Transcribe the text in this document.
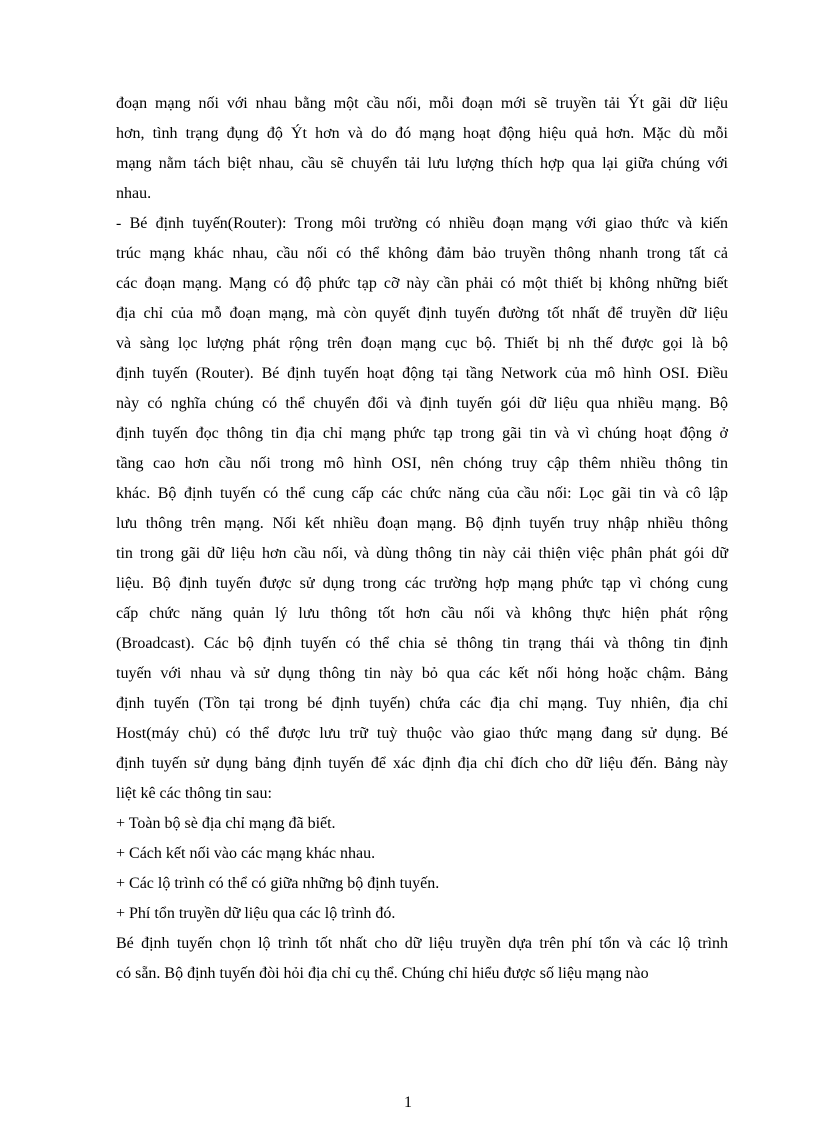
đoạn mạng nối với nhau bằng một cầu nối, mỗi đoạn mới sẽ truyền tải Ýt gãi dữ liệu
hơn, tình trạng đụng độ Ýt hơn và do đó mạng hoạt động hiệu quả hơn. Mặc dù mỗi
mạng nằm tách biệt nhau, cầu sẽ chuyển tải lưu lượng thích hợp qua lại giữa chúng với
nhau.
- Bé định tuyến(Router): Trong môi trường có nhiều đoạn mạng với giao thức và kiến
trúc mạng khác nhau, cầu nối có thể không đảm bảo truyền thông nhanh trong tất cả
các đoạn mạng. Mạng có độ phức tạp cỡ này cần phải có một thiết bị không những biết
địa chỉ của mỗ đoạn mạng, mà còn quyết định tuyến đường tốt nhất để truyền dữ liệu
và sàng lọc lượng phát rộng trên đoạn mạng cục bộ. Thiết bị nh thế được gọi là bộ
định tuyến (Router). Bé định tuyến hoạt động tại tầng Network của mô hình OSI. Điều
này có nghĩa chúng có thể chuyển đổi và định tuyến gói dữ liệu qua nhiều mạng. Bộ
định tuyến đọc thông tin địa chỉ mạng phức tạp trong gãi tin và vì chúng hoạt động ở
tầng cao hơn cầu nối trong mô hình OSI, nên chóng truy cập thêm nhiều thông tin
khác. Bộ định tuyến có thể cung cấp các chức năng của cầu nối: Lọc gãi tin và cô lập
lưu thông trên mạng. Nối kết nhiều đoạn mạng. Bộ định tuyến truy nhập nhiều thông
tin trong gãi dữ liệu hơn cầu nối, và dùng thông tin này cải thiện việc phân phát gói dữ
liệu. Bộ định tuyến được sử dụng trong các trường hợp mạng phức tạp vì chóng cung
cấp chức năng quản lý lưu thông tốt hơn cầu nối và không thực hiện phát rộng
(Broadcast). Các bộ định tuyến có thể chia sẻ thông tin trạng thái và thông tin định
tuyến với nhau và sử dụng thông tin này bỏ qua các kết nối hỏng hoặc chậm. Bảng
định tuyến (Tồn tại trong bé định tuyến) chứa các địa chỉ mạng. Tuy nhiên, địa chỉ
Host(máy chủ) có thể được lưu trữ tuỳ thuộc vào giao thức mạng đang sử dụng. Bé
định tuyến sử dụng bảng định tuyến để xác định địa chỉ đích cho dữ liệu đến. Bảng này
liệt kê các thông tin sau:
+ Toàn bộ sè địa chỉ mạng đã biết.
+ Cách kết nối vào các mạng khác nhau.
+ Các lộ trình có thể có giữa những bộ định tuyến.
+ Phí tổn truyền dữ liệu qua các lộ trình đó.
Bé định tuyến chọn lộ trình tốt nhất cho dữ liệu truyền dựa trên phí tổn và các lộ trình
có sẵn. Bộ định tuyến đòi hỏi địa chỉ cụ thể. Chúng chỉ hiểu được số liệu mạng nào
1
